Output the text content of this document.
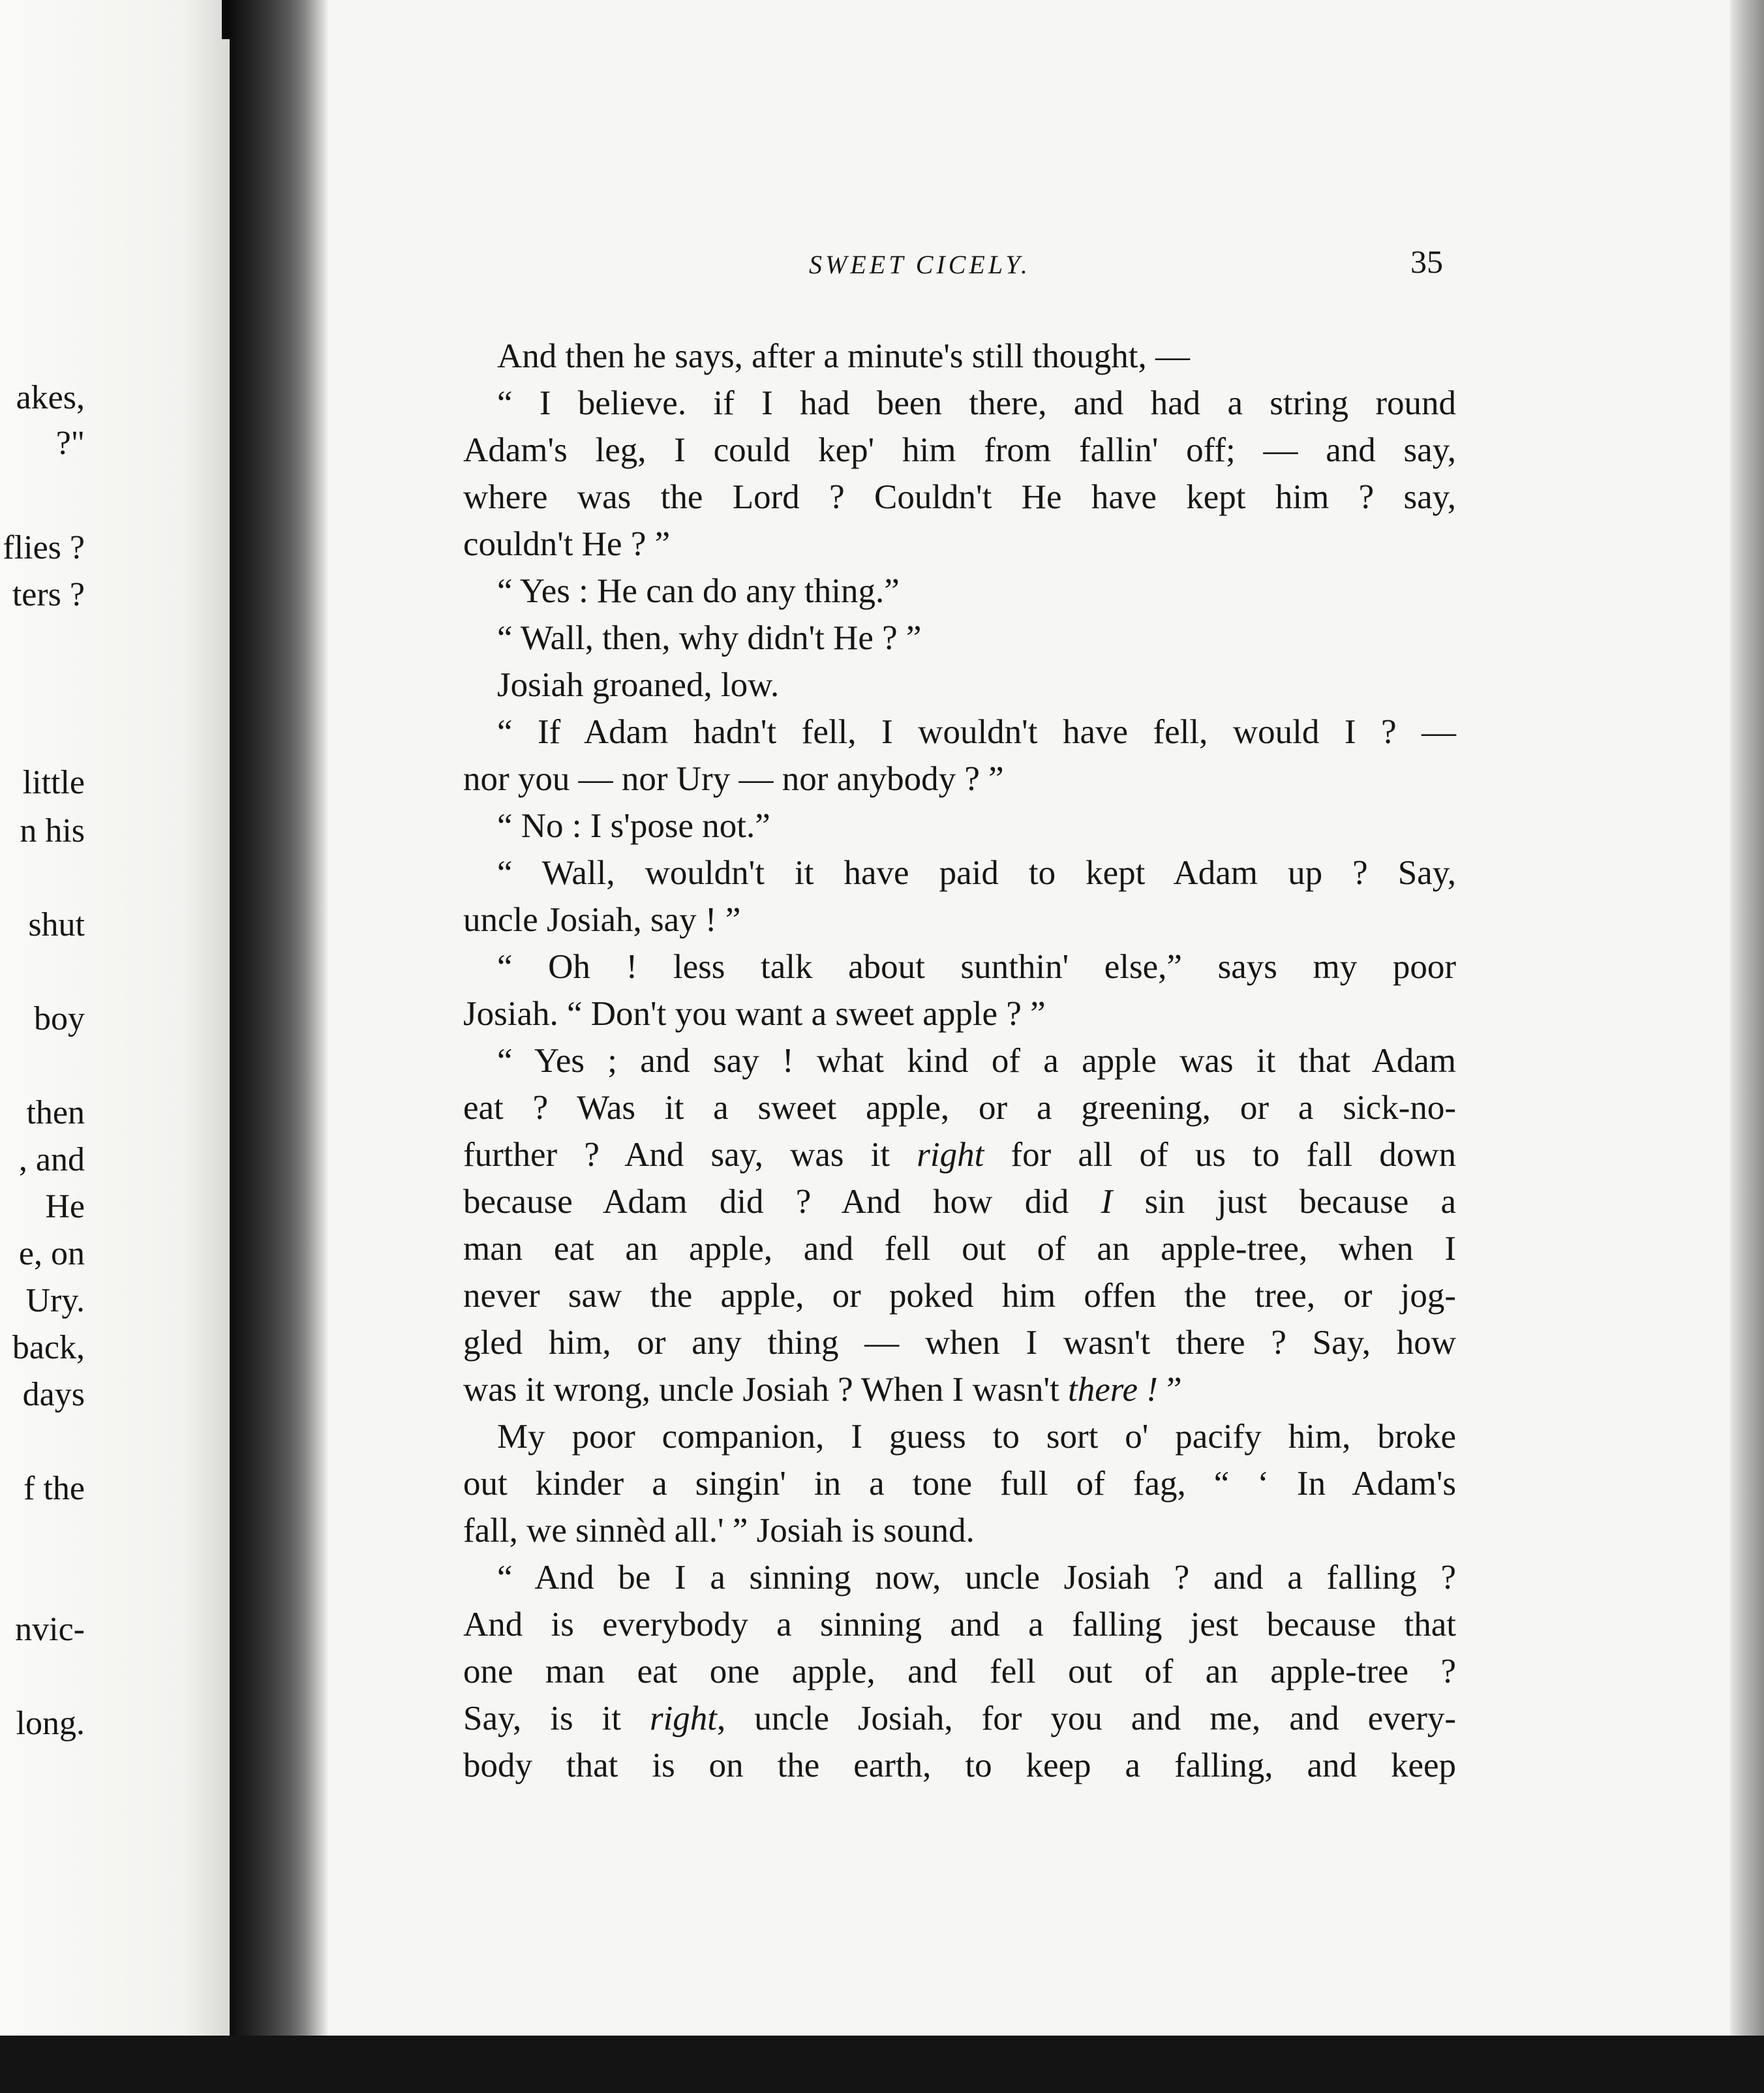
akes,
?"
flies ?
ters ?
little
n his
shut
boy
then
, and
He
e, on
Ury.
back,
days
f the
nvic-
long.
SWEET CICELY.	35
And then he says, after a minute's still thought, —
“ I believe. if I had been there, and had a string round
Adam's leg, I could kep' him from fallin' off; — and say,
where was the Lord ? Couldn't He have kept him ? say,
couldn't He ? ”
“ Yes : He can do any thing.”
“ Wall, then, why didn't He ? ”
Josiah groaned, low.
“ If Adam hadn't fell, I wouldn't have fell, would I ? —
nor you — nor Ury — nor anybody ? ”
“ No : I s'pose not.”
“ Wall, wouldn't it have paid to kept Adam up ? Say,
uncle Josiah, say ! ”
“ Oh ! less talk about sunthin' else,” says my poor
Josiah. “ Don't you want a sweet apple ? ”
“ Yes ; and say ! what kind of a apple was it that Adam
eat ? Was it a sweet apple, or a greening, or a sick-no-
further ? And say, was it right for all of us to fall down
because Adam did ? And how did I sin just because a
man eat an apple, and fell out of an apple-tree, when I
never saw the apple, or poked him offen the tree, or jog-
gled him, or any thing — when I wasn't there ? Say, how
was it wrong, uncle Josiah ? When I wasn't there ! ”
My poor companion, I guess to sort o' pacify him, broke
out kinder a singin' in a tone full of fag, “ ‘ In Adam's
fall, we sinnèd all.' ” Josiah is sound.
“ And be I a sinning now, uncle Josiah ? and a falling ?
And is everybody a sinning and a falling jest because that
one man eat one apple, and fell out of an apple-tree ?
Say, is it right, uncle Josiah, for you and me, and every-
body that is on the earth, to keep a falling, and keep
